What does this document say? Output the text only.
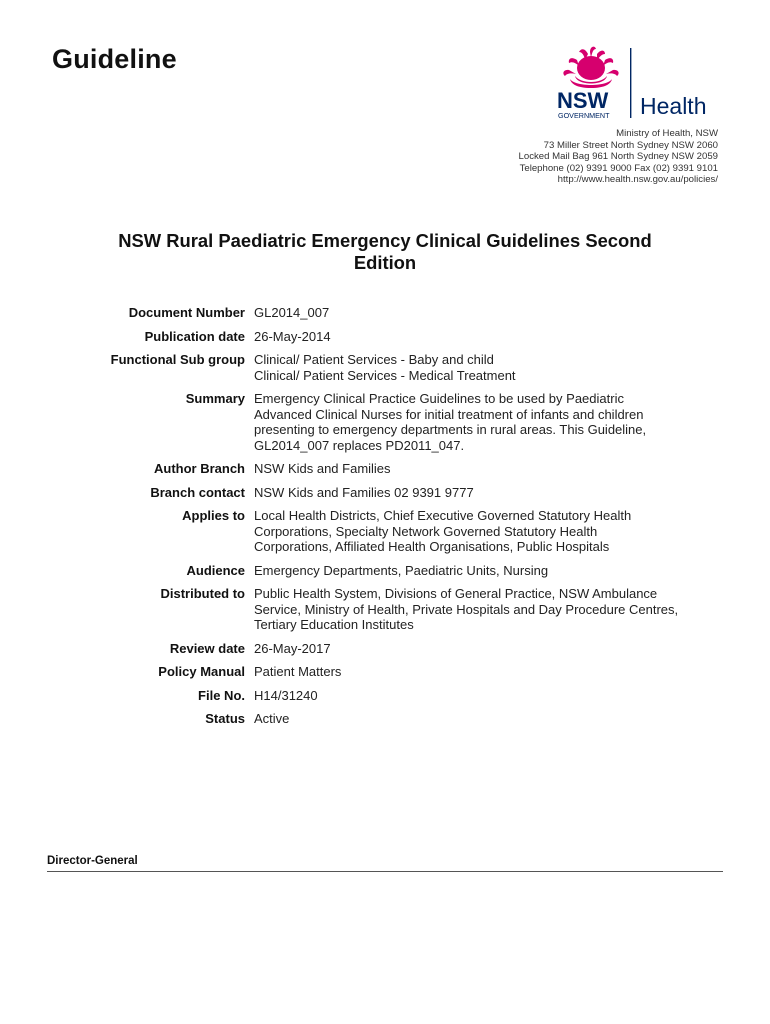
Guideline
NSW
GOVERNMENT Health
Ministry of Health, NSW
73 Miller Street North Sydney NSW 2060
Locked Mail Bag 961 North Sydney NSW 2059
Telephone (02) 9391 9000 Fax (02) 9391 9101
http://www.health.nsw.gov.au/policies/
NSW Rural Paediatric Emergency Clinical Guidelines Second
Edition
Document Number GL2014_007
Publication date 26-May-2014
Functional Sub group Clinical/ Patient Services - Baby and child
Clinical/ Patient Services - Medical Treatment
Summary Emergency Clinical Practice Guidelines to be used by Paediatric
Advanced Clinical Nurses for initial treatment of infants and children
presenting to emergency departments in rural areas. This Guideline,
GL2014_007 replaces PD2011_047.
Author Branch NSW Kids and Families
Branch contact NSW Kids and Families 02 9391 9777
Applies to Local Health Districts, Chief Executive Governed Statutory Health
Corporations, Specialty Network Governed Statutory Health
Corporations, Affiliated Health Organisations, Public Hospitals
Audience Emergency Departments, Paediatric Units, Nursing
Distributed to Public Health System, Divisions of General Practice, NSW Ambulance
Service, Ministry of Health, Private Hospitals and Day Procedure Centres,
Tertiary Education Institutes
Review date 26-May-2017
Policy Manual Patient Matters
File No. H14/31240
Status Active
Director-General
